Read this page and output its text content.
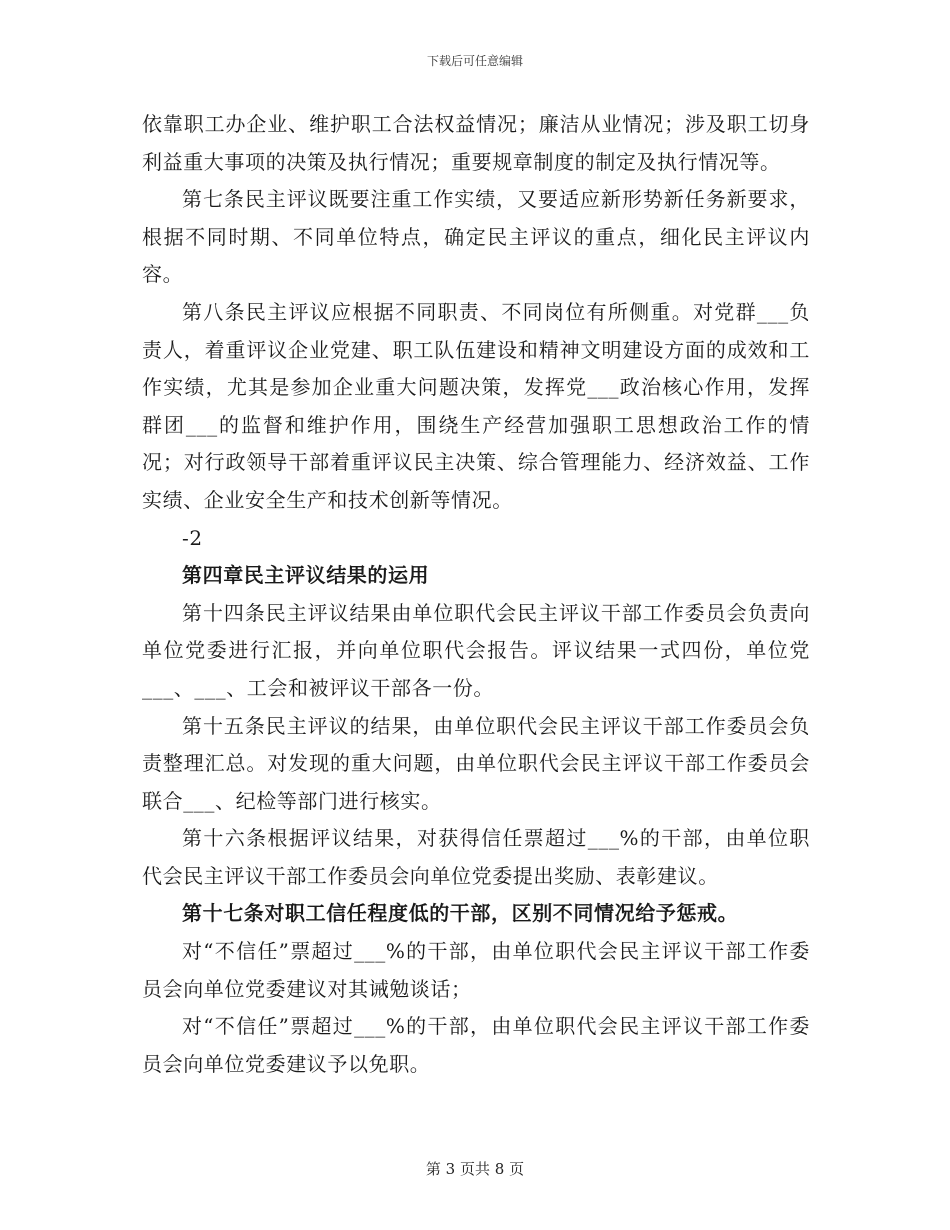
下载后可任意编辑

依靠职工办企业、维护职工合法权益情况；廉洁从业情况；涉及职工切身利益重大事项的决策及执行情况；重要规章制度的制定及执行情况等。

第七条民主评议既要注重工作实绩，又要适应新形势新任务新要求，根据不同时期、不同单位特点，确定民主评议的重点，细化民主评议内容。

第八条民主评议应根据不同职责、不同岗位有所侧重。对党群___负责人，着重评议企业党建、职工队伍建设和精神文明建设方面的成效和工作实绩，尤其是参加企业重大问题决策，发挥党___政治核心作用，发挥群团___的监督和维护作用，围绕生产经营加强职工思想政治工作的情况；对行政领导干部着重评议民主决策、综合管理能力、经济效益、工作实绩、企业安全生产和技术创新等情况。

-2

第四章民主评议结果的运用

第十四条民主评议结果由单位职代会民主评议干部工作委员会负责向单位党委进行汇报，并向单位职代会报告。评议结果一式四份，单位党___、___、工会和被评议干部各一份。

第十五条民主评议的结果，由单位职代会民主评议干部工作委员会负责整理汇总。对发现的重大问题，由单位职代会民主评议干部工作委员会联合___、纪检等部门进行核实。

第十六条根据评议结果，对获得信任票超过___%的干部，由单位职代会民主评议干部工作委员会向单位党委提出奖励、表彰建议。

第十七条对职工信任程度低的干部，区别不同情况给予惩戒。

对“不信任”票超过___%的干部，由单位职代会民主评议干部工作委员会向单位党委建议对其诫勉谈话；

对“不信任”票超过___%的干部，由单位职代会民主评议干部工作委员会向单位党委建议予以免职。

第 3 页共 8 页
